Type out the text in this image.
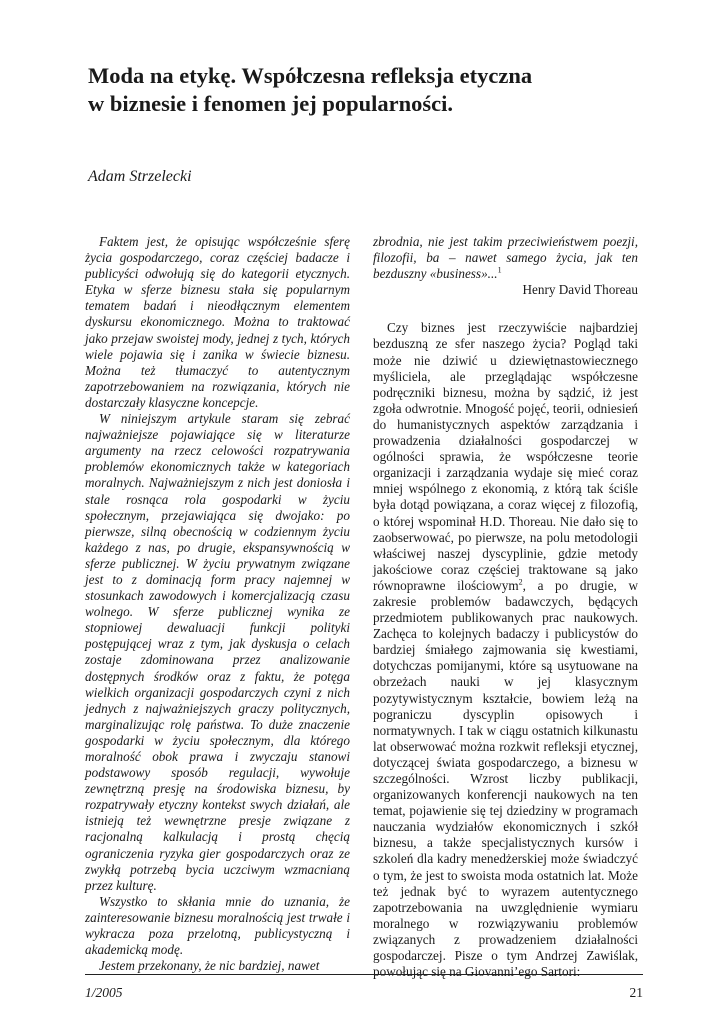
Moda na etykę. Współczesna refleksja etyczna
w biznesie i fenomen jej popularności.

Adam Strzelecki

Faktem jest, że opisując współcześnie sferę życia gospodarczego, coraz częściej badacze i publicyści odwołują się do kategorii etycznych. Etyka w sferze biznesu stała się popularnym tematem badań i nieodłącznym elementem dyskursu ekonomicznego. Można to traktować jako przejaw swoistej mody, jednej z tych, których wiele pojawia się i zanika w świecie biznesu. Można też tłumaczyć to autentycznym zapotrzebowaniem na rozwiązania, których nie dostarczały klasyczne koncepcje.

W niniejszym artykule staram się zebrać najważniejsze pojawiające się w literaturze argumenty na rzecz celowości rozpatrywania problemów ekonomicznych także w kategoriach moralnych. Najważniejszym z nich jest doniosła i stale rosnąca rola gospodarki w życiu społecznym, przejawiająca się dwojako: po pierwsze, silną obecnością w codziennym życiu każdego z nas, po drugie, ekspansywnością w sferze publicznej. W życiu prywatnym związane jest to z dominacją form pracy najemnej w stosunkach zawodowych i komercjalizacją czasu wolnego. W sferze publicznej wynika ze stopniowej dewaluacji funkcji polityki postępującej wraz z tym, jak dyskusja o celach zostaje zdominowana przez analizowanie dostępnych środków oraz z faktu, że potęga wielkich organizacji gospodarczych czyni z nich jednych z najważniejszych graczy politycznych, marginalizując rolę państwa. To duże znaczenie gospodarki w życiu społecznym, dla którego moralność obok prawa i zwyczaju stanowi podstawowy sposób regulacji, wywołuje zewnętrzną presję na środowiska biznesu, by rozpatrywały etyczny kontekst swych działań, ale istnieją też wewnętrzne presje związane z racjonalną kalkulacją i prostą chęcią ograniczenia ryzyka gier gospodarczych oraz ze zwykłą potrzebą bycia uczciwym wzmacnianą przez kulturę.

Wszystko to skłania mnie do uznania, że zainteresowanie biznesu moralnością jest trwałe i wykracza poza przelotną, publicystyczną i akademicką modę.

Jestem przekonany, że nic bardziej, nawet

zbrodnia, nie jest takim przeciwieństwem poezji, filozofii, ba – nawet samego życia, jak ten bezduszny «business»...$^1$

Henry David Thoreau

Czy biznes jest rzeczywiście najbardziej bezduszną ze sfer naszego życia? Pogląd taki może nie dziwić u dziewiętnastowiecznego myśliciela, ale przeglądając współczesne podręczniki biznesu, można by sądzić, iż jest zgoła odwrotnie. Mnogość pojęć, teorii, odniesień do humanistycznych aspektów zarządzania i prowadzenia działalności gospodarczej w ogólności sprawia, że współczesne teorie organizacji i zarządzania wydaje się mieć coraz mniej wspólnego z ekonomią, z którą tak ściśle była dotąd powiązana, a coraz więcej z filozofią, o której wspominał H.D. Thoreau. Nie dało się to zaobserwować, po pierwsze, na polu metodologii właściwej naszej dyscyplinie, gdzie metody jakościowe coraz częściej traktowane są jako równoprawne ilościowym$^2$, a po drugie, w zakresie problemów badawczych, będących przedmiotem publikowanych prac naukowych. Zachęca to kolejnych badaczy i publicystów do bardziej śmiałego zajmowania się kwestiami, dotychczas pomijanymi, które są usytuowane na obrzeżach nauki w jej klasycznym pozytywistycznym kształcie, bowiem leżą na pograniczu dyscyplin opisowych i normatywnych. I tak w ciągu ostatnich kilkunastu lat obserwować można rozkwit refleksji etycznej, dotyczącej świata gospodarczego, a biznesu w szczególności. Wzrost liczby publikacji, organizowanych konferencji naukowych na ten temat, pojawienie się tej dziedziny w programach nauczania wydziałów ekonomicznych i szkół biznesu, a także specjalistycznych kursów i szkoleń dla kadry menedżerskiej może świadczyć o tym, że jest to swoista moda ostatnich lat. Może też jednak być to wyrazem autentycznego zapotrzebowania na uwzględnienie wymiaru moralnego w rozwiązywaniu problemów związanych z prowadzeniem działalności gospodarczej. Pisze o tym Andrzej Zawiślak, powołując się na Giovanni’ego Sartori:

1/2005	21
